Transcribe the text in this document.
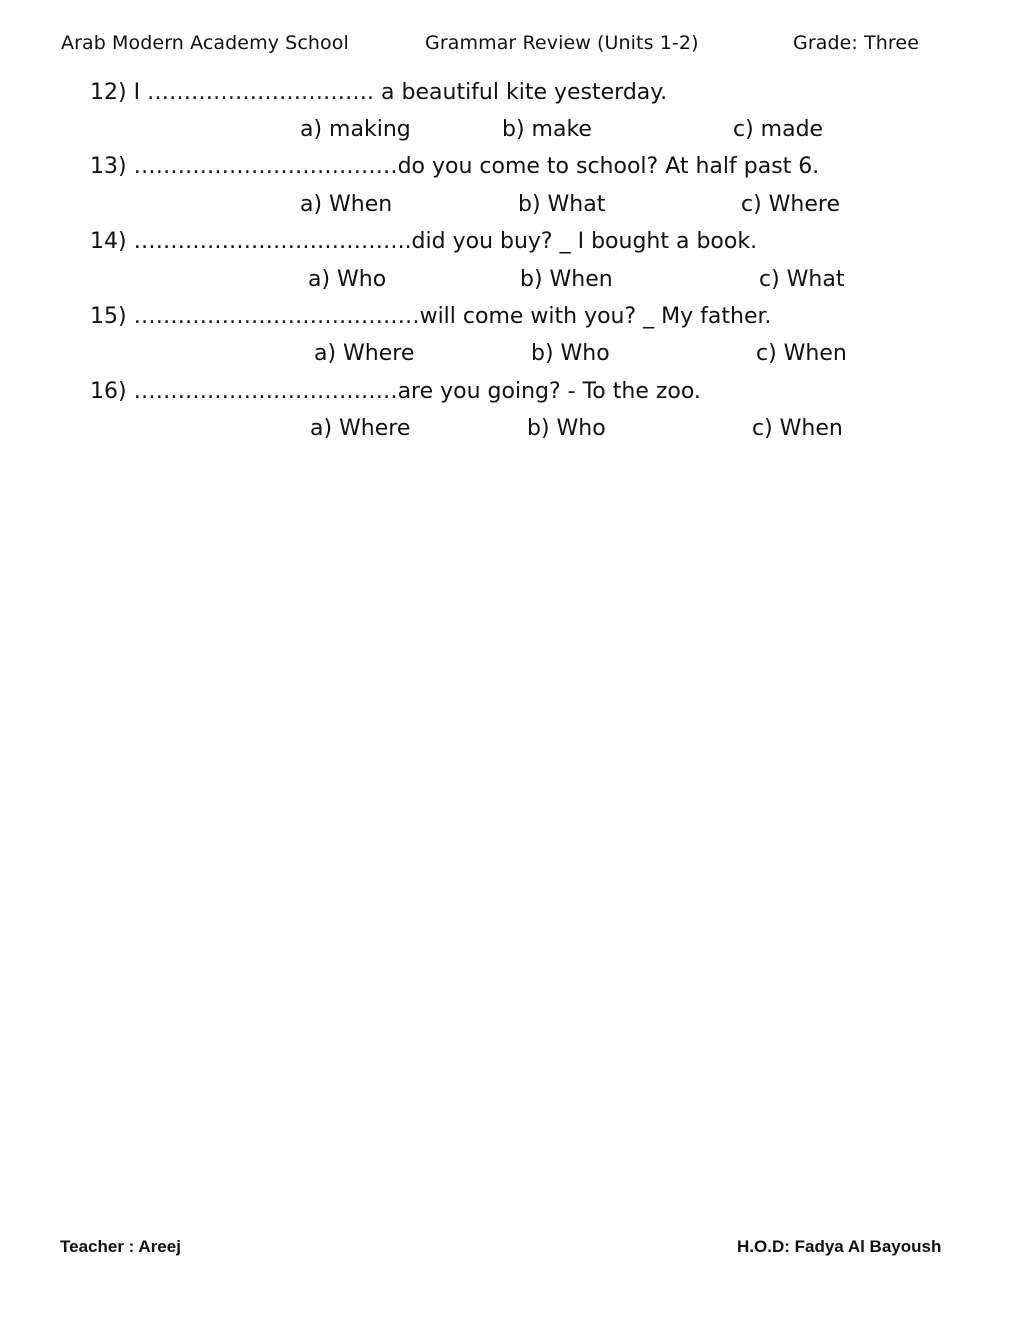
Arab Modern Academy School	Grammar Review (Units 1-2)	Grade: Three
12) I …………………………. a beautiful kite yesterday.
a) making	b) make	c) made
13) ………………………………do you come to school? At half past 6.
a) When	b) What	c) Where
14) ………………………………..did you buy? _ I bought a book.
a) Who	b) When	c) What
15) …………………………………will come with you? _ My father.
a) Where	b) Who	c) When
16) ………………………………are you going? - To the zoo.
a) Where	b) Who	c) When
Teacher : Areej	H.O.D: Fadya Al Bayoush
